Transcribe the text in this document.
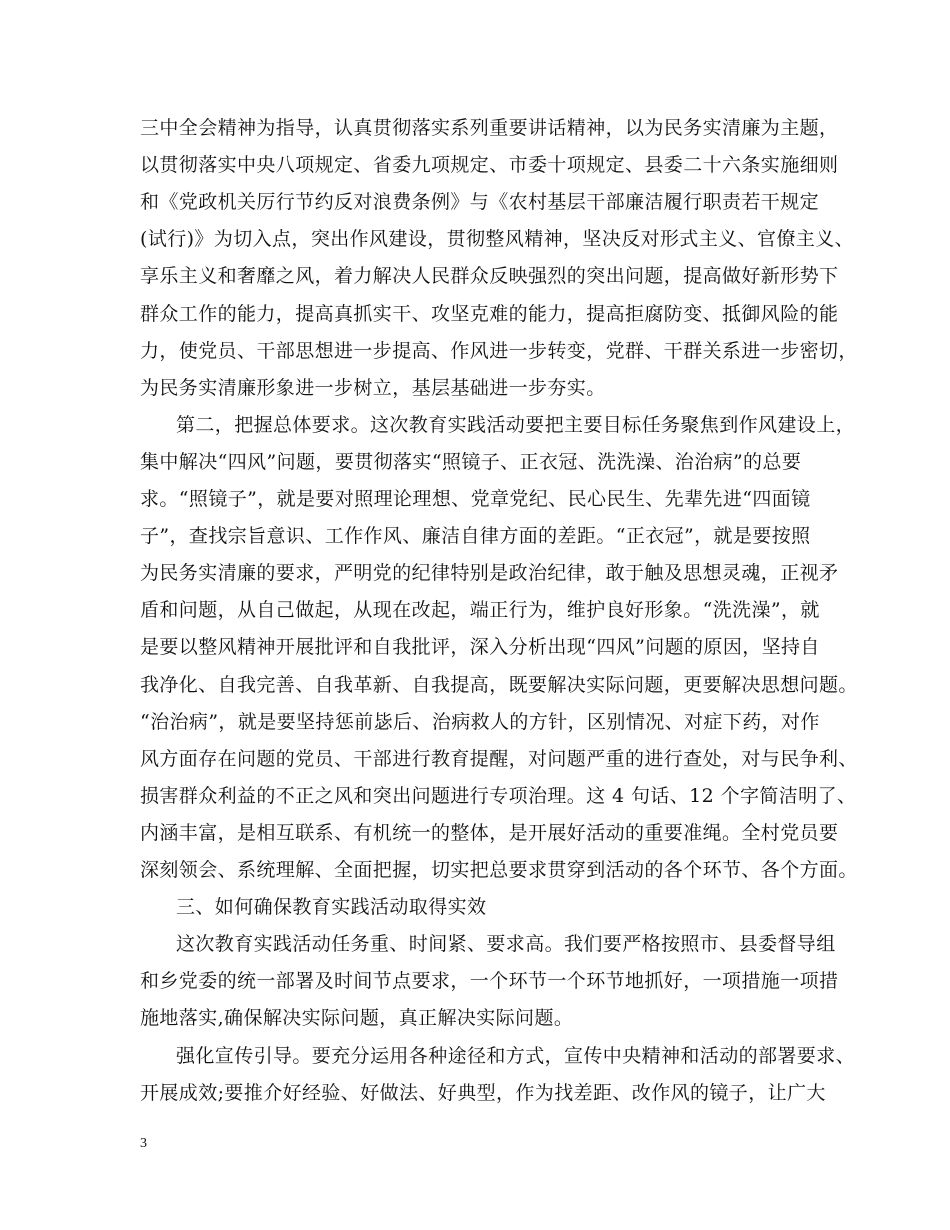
三中全会精神为指导，认真贯彻落实系列重要讲话精神，以为民务实清廉为主题，
以贯彻落实中央八项规定、省委九项规定、市委十项规定、县委二十六条实施细则
和《党政机关厉行节约反对浪费条例》与《农村基层干部廉洁履行职责若干规定
(试行)》为切入点，突出作风建设，贯彻整风精神，坚决反对形式主义、官僚主义、
享乐主义和奢靡之风，着力解决人民群众反映强烈的突出问题，提高做好新形势下
群众工作的能力，提高真抓实干、攻坚克难的能力，提高拒腐防变、抵御风险的能
力，使党员、干部思想进一步提高、作风进一步转变，党群、干群关系进一步密切，
为民务实清廉形象进一步树立，基层基础进一步夯实。
第二，把握总体要求。这次教育实践活动要把主要目标任务聚焦到作风建设上，
集中解决“四风”问题，要贯彻落实“照镜子、正衣冠、洗洗澡、治治病”的总要
求。“照镜子”，就是要对照理论理想、党章党纪、民心民生、先辈先进“四面镜
子”，查找宗旨意识、工作作风、廉洁自律方面的差距。“正衣冠”，就是要按照
为民务实清廉的要求，严明党的纪律特别是政治纪律，敢于触及思想灵魂，正视矛
盾和问题，从自己做起，从现在改起，端正行为，维护良好形象。“洗洗澡”，就
是要以整风精神开展批评和自我批评，深入分析出现“四风”问题的原因，坚持自
我净化、自我完善、自我革新、自我提高，既要解决实际问题，更要解决思想问题。
“治治病”，就是要坚持惩前毖后、治病救人的方针，区别情况、对症下药，对作
风方面存在问题的党员、干部进行教育提醒，对问题严重的进行查处，对与民争利、
损害群众利益的不正之风和突出问题进行专项治理。这 4 句话、12 个字简洁明了、
内涵丰富，是相互联系、有机统一的整体，是开展好活动的重要准绳。全村党员要
深刻领会、系统理解、全面把握，切实把总要求贯穿到活动的各个环节、各个方面。
三、如何确保教育实践活动取得实效
这次教育实践活动任务重、时间紧、要求高。我们要严格按照市、县委督导组
和乡党委的统一部署及时间节点要求，一个环节一个环节地抓好，一项措施一项措
施地落实,确保解决实际问题，真正解决实际问题。
3
强化宣传引导。要充分运用各种途径和方式，宣传中央精神和活动的部署要求、
开展成效;要推介好经验、好做法、好典型，作为找差距、改作风的镜子，让广大
